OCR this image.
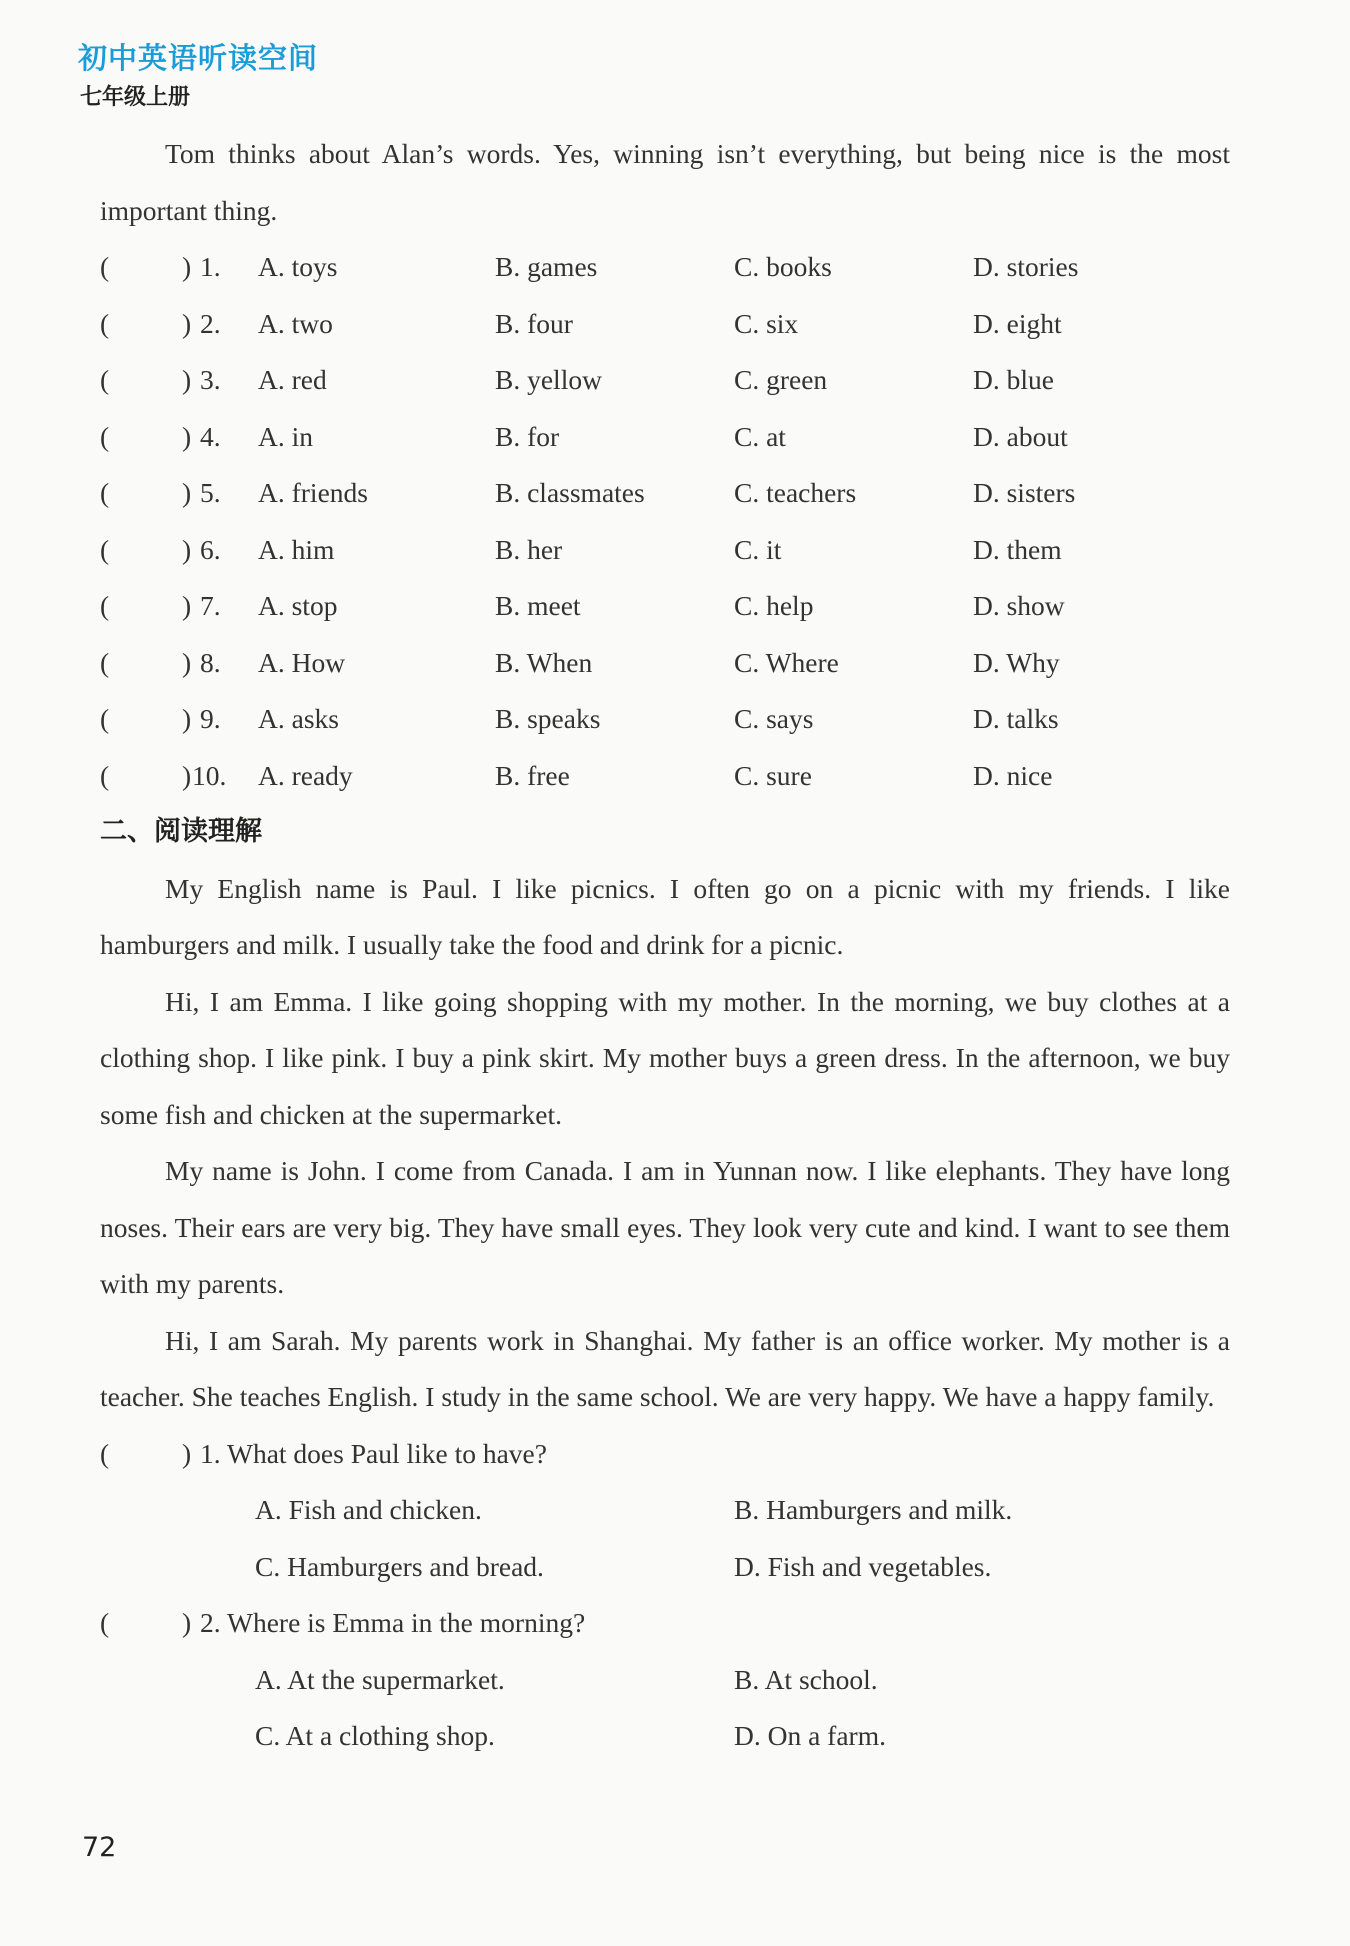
初中英语听读空间
七年级上册

Tom thinks about Alan’s words. Yes, winning isn’t everything, but being nice is the most important thing.

(	) 1. A. toys	B. games	C. books	D. stories
(	) 2. A. two	B. four	C. six	D. eight
(	) 3. A. red	B. yellow	C. green	D. blue
(	) 4. A. in	B. for	C. at	D. about
(	) 5. A. friends	B. classmates	C. teachers	D. sisters
(	) 6. A. him	B. her	C. it	D. them
(	) 7. A. stop	B. meet	C. help	D. show
(	) 8. A. How	B. When	C. Where	D. Why
(	) 9. A. asks	B. speaks	C. says	D. talks
(	) 10. A. ready	B. free	C. sure	D. nice
二、阅读理解

My English name is Paul. I like picnics. I often go on a picnic with my friends. I like hamburgers and milk. I usually take the food and drink for a picnic.

Hi, I am Emma. I like going shopping with my mother. In the morning, we buy clothes at a clothing shop. I like pink. I buy a pink skirt. My mother buys a green dress. In the afternoon, we buy some fish and chicken at the supermarket.

My name is John. I come from Canada. I am in Yunnan now. I like elephants. They have long noses. Their ears are very big. They have small eyes. They look very cute and kind. I want to see them with my parents.

Hi, I am Sarah. My parents work in Shanghai. My father is an office worker. My mother is a teacher. She teaches English. I study in the same school. We are very happy. We have a happy family.

(	) 1. What does Paul like to have?
A. Fish and chicken.	B. Hamburgers and milk.
C. Hamburgers and bread.	D. Fish and vegetables.
(	) 2. Where is Emma in the morning?
A. At the supermarket.	B. At school.
C. At a clothing shop.	D. On a farm.
72
